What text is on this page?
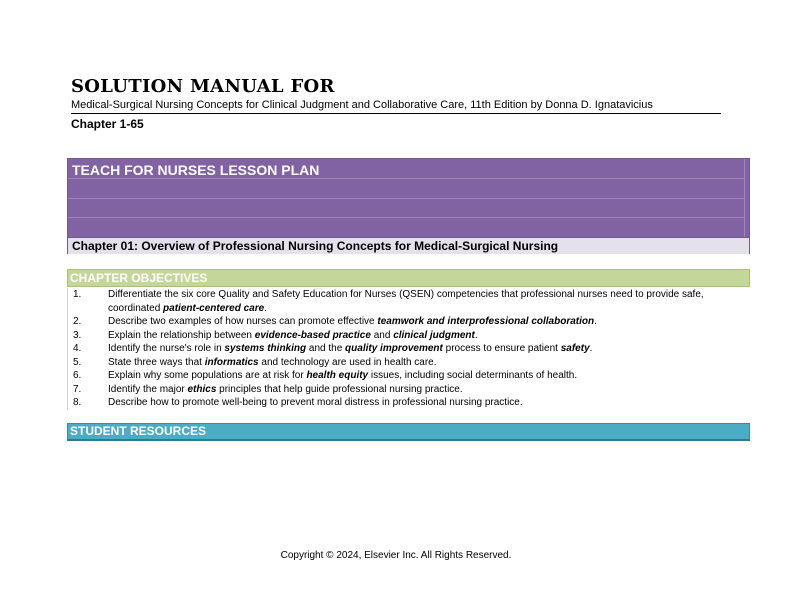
SOLUTION MANUAL FOR
Medical-Surgical Nursing Concepts for Clinical Judgment and Collaborative Care, 11th Edition by Donna D. Ignatavicius
Chapter 1-65
TEACH FOR NURSES LESSON PLAN
Chapter 01: Overview of Professional Nursing Concepts for Medical-Surgical Nursing
CHAPTER OBJECTIVES
1.	Differentiate the six core Quality and Safety Education for Nurses (QSEN) competencies that professional nurses need to provide safe, coordinated patient-centered care.
2.	Describe two examples of how nurses can promote effective teamwork and interprofessional collaboration.
3.	Explain the relationship between evidence-based practice and clinical judgment.
4.	Identify the nurse's role in systems thinking and the quality improvement process to ensure patient safety.
5.	State three ways that informatics and technology are used in health care.
6.	Explain why some populations are at risk for health equity issues, including social determinants of health.
7.	Identify the major ethics principles that help guide professional nursing practice.
8.	Describe how to promote well-being to prevent moral distress in professional nursing practice.
STUDENT RESOURCES
Copyright © 2024, Elsevier Inc. All Rights Reserved.
